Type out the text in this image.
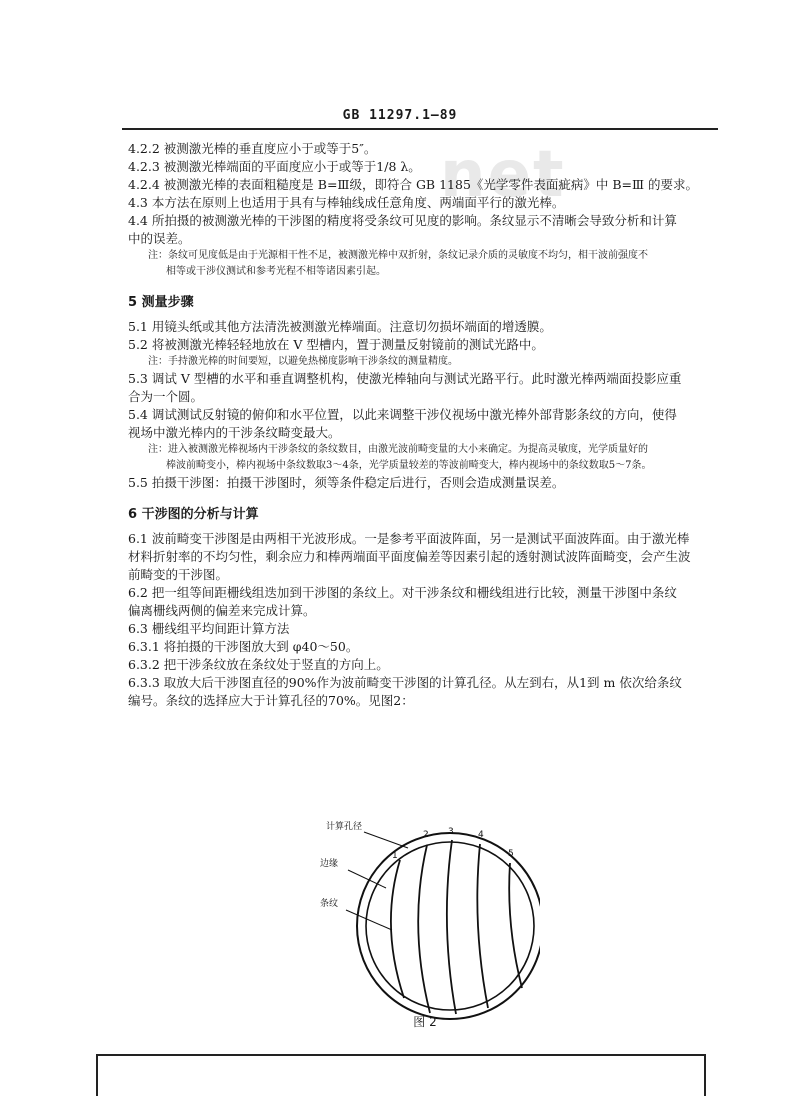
net
GB 11297.1—89
4.2.2 被测激光棒的垂直度应小于或等于5″。
4.2.3 被测激光棒端面的平面度应小于或等于1/8 λ。
4.2.4 被测激光棒的表面粗糙度是 B=Ⅲ级，即符合 GB 1185《光学零件表面疵病》中 B=Ⅲ 的要求。
4.3 本方法在原则上也适用于具有与棒轴线成任意角度、两端面平行的激光棒。
4.4 所拍摄的被测激光棒的干涉图的精度将受条纹可见度的影响。条纹显示不清晰会导致分析和计算
中的误差。
注：条纹可见度低是由于光源相干性不足，被测激光棒中双折射，条纹记录介质的灵敏度不均匀，相干波前强度不
相等或干涉仪测试和参考光程不相等诸因素引起。
5 测量步骤
5.1 用镜头纸或其他方法清洗被测激光棒端面。注意切勿损坏端面的增透膜。
5.2 将被测激光棒轻轻地放在 V 型槽内，置于测量反射镜前的测试光路中。
注：手持激光棒的时间要短，以避免热梯度影响干涉条纹的测量精度。
5.3 调试 V 型槽的水平和垂直调整机构，使激光棒轴向与测试光路平行。此时激光棒两端面投影应重
合为一个圆。
5.4 调试测试反射镜的俯仰和水平位置，以此来调整干涉仪视场中激光棒外部背影条纹的方向，使得
视场中激光棒内的干涉条纹畸变最大。
注：进入被测激光棒视场内干涉条纹的条纹数目，由激光波前畸变量的大小来确定。为提高灵敏度，光学质量好的
棒波前畸变小，棒内视场中条纹数取3～4条，光学质量较差的等波前畸变大，棒内视场中的条纹数取5～7条。
5.5 拍摄干涉图：拍摄干涉图时，须等条件稳定后进行，否则会造成测量误差。
6 干涉图的分析与计算
6.1 波前畸变干涉图是由两相干光波形成。一是参考平面波阵面，另一是测试平面波阵面。由于激光棒
材料折射率的不均匀性，剩余应力和棒两端面平面度偏差等因素引起的透射测试波阵面畸变，会产生波
前畸变的干涉图。
6.2 把一组等间距栅线组迭加到干涉图的条纹上。对干涉条纹和栅线组进行比较，测量干涉图中条纹
偏离栅线两侧的偏差来完成计算。
6.3 栅线组平均间距计算方法
6.3.1 将拍摄的干涉图放大到 φ40～50。
6.3.2 把干涉条纹放在条纹处于竖直的方向上。
6.3.3 取放大后干涉图直径的90%作为波前畸变干涉图的计算孔径。从左到右，从1到 m 依次给条纹
编号。条纹的选择应大于计算孔径的70%。见图2：
计算孔径
边缘
条纹
1
2 3	4
5
图 2
